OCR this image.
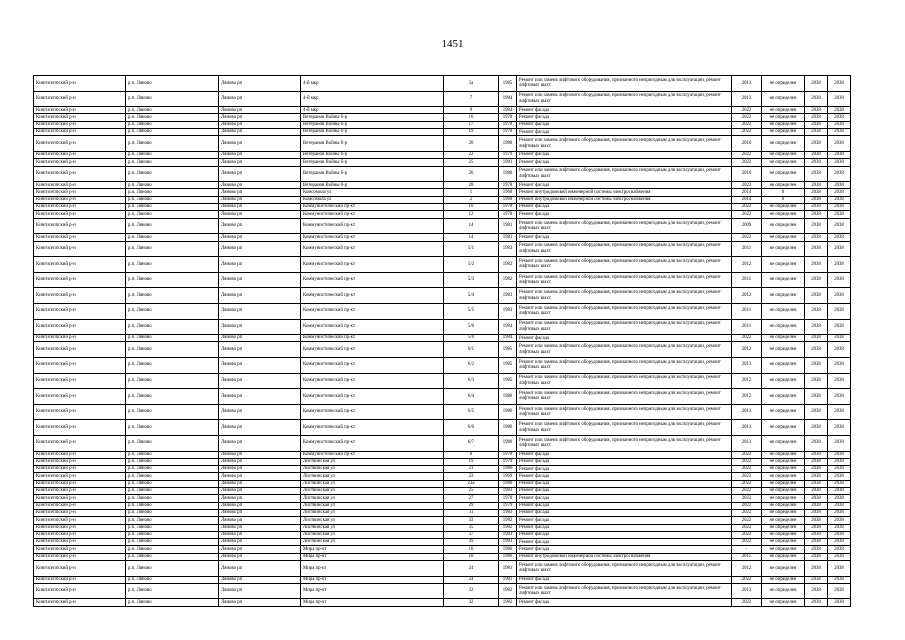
1451
Кингисеппский р-н	р.п. Ляново	Ляново рп	4-й мкр	5а	1985	Ремонт или замена лифтового оборудования, признанного непригодным для эксплуатации, ремонт лифтовых шахт	2013	не определен	2038	2038
Кингисеппский р-н	р.п. Ляново	Ляново рп	4-й мкр	7	1984	Ремонт или замена лифтового оборудования, признанного непригодным для эксплуатации, ремонт лифтовых шахт	2012	не определен	2038	2038
Кингисеппский р-н	р.п. Ляново	Ляново рп	4-й мкр	9	1984	Ремонт фасада	2022	не определен	2038	2038
Кингисеппский р-н	р.п. Ляново	Ляново рп	Ветеранов Войны б-р	16	1978	Ремонт фасада	2022	не определен	2038	2038
Кингисеппский р-н	р.п. Ляново	Ляново рп	Ветеранов Войны б-р	17	1978	Ремонт фасада	2022	не определен	2038	2038
Кингисеппский р-н	р.п. Ляново	Ляново рп	Ветеранов Войны б-р	19	1978	Ремонт фасада	2022	не определен	2038	2038
Кингисеппский р-н	р.п. Ляново	Ляново рп	Ветеранов Войны б-р	20	1980	Ремонт или замена лифтового оборудования, признанного непригодным для эксплуатации, ремонт лифтовых шахт	2010	не определен	2038	2038
Кингисеппский р-н	р.п. Ляново	Ляново рп	Ветеранов Войны б-р	22	1979	Ремонт фасада	2022	не определен	2038	2038
Кингисеппский р-н	р.п. Ляново	Ляново рп	Ветеранов Войны б-р	25	1981	Ремонт фасада	2022	не определен	2038	2038
Кингисеппский р-н	р.п. Ляново	Ляново рп	Ветеранов Войны б-р	26	1980	Ремонт или замена лифтового оборудования, признанного непригодным для эксплуатации, ремонт лифтовых шахт	2010	не определен	2038	2038
Кингисеппский р-н	р.п. Ляново	Ляново рп	Ветеранов Войны б-р	28	1978	Ремонт фасада	2022	не определен	2038	2038
Кингисеппский р-н	р.п. Ляново	Ляново рп	Комсомола ул	1	1968	Ремонт внутридомовой инженерной системы электроснабжения	2014	0	2038	2038
Кингисеппский р-н	р.п. Ляново	Ляново рп	Комсомола ул	2	1968	Ремонт внутридомовой инженерной системы электроснабжения	2014	0	2038	2038
Кингисеппский р-н	р.п. Ляново	Ляново рп	Коммунистический пр-кт	10	1978	Ремонт фасада	2022	не определен	2038	2038
Кингисеппский р-н	р.п. Ляново	Ляново рп	Коммунистический пр-кт	12	1978	Ремонт фасада	2022	не определен	2038	2038
Кингисеппский р-н	р.п. Ляново	Ляново рп	Коммунистический пр-кт	14	1981	Ремонт или замена лифтового оборудования, признанного непригодным для эксплуатации, ремонт лифтовых шахт	2009	не определен	2038	2038
Кингисеппский р-н	р.п. Ляново	Ляново рп	Коммунистический пр-кт	14	1981	Ремонт фасада	2022	не определен	2038	2038
Кингисеппский р-н	р.п. Ляново	Ляново рп	Коммунистический пр-кт	5/1	1983	Ремонт или замена лифтового оборудования, признанного непригодным для эксплуатации, ремонт лифтовых шахт	2011	не определен	2038	2038
Кингисеппский р-н	р.п. Ляново	Ляново рп	Коммунистический пр-кт	5/2	1982	Ремонт или замена лифтового оборудования, признанного непригодным для эксплуатации, ремонт лифтовых шахт	2012	не определен	2038	2038
Кингисеппский р-н	р.п. Ляново	Ляново рп	Коммунистический пр-кт	5/3	1982	Ремонт или замена лифтового оборудования, признанного непригодным для эксплуатации, ремонт лифтовых шахт	2011	не определен	2038	2038
Кингисеппский р-н	р.п. Ляново	Ляново рп	Коммунистический пр-кт	5/4	1983	Ремонт или замена лифтового оборудования, признанного непригодным для эксплуатации, ремонт лифтовых шахт	2012	не определен	2038	2038
Кингисеппский р-н	р.п. Ляново	Ляново рп	Коммунистический пр-кт	5/5	1983	Ремонт или замена лифтового оборудования, признанного непригодным для эксплуатации, ремонт лифтовых шахт	2011	не определен	2038	2038
Кингисеппский р-н	р.п. Ляново	Ляново рп	Коммунистический пр-кт	5/6	1984	Ремонт или замена лифтового оборудования, признанного непригодным для эксплуатации, ремонт лифтовых шахт	2011	не определен	2038	2038
Кингисеппский р-н	р.п. Ляново	Ляново рп	Коммунистический пр-кт	5/6	1984	Ремонт фасада	2022	не определен	2038	2038
Кингисеппский р-н	р.п. Ляново	Ляново рп	Коммунистический пр-кт	6/1	1985	Ремонт или замена лифтового оборудования, признанного непригодным для эксплуатации, ремонт лифтовых шахт	2012	не определен	2038	2038
Кингисеппский р-н	р.п. Ляново	Ляново рп	Коммунистический пр-кт	6/2	1985	Ремонт или замена лифтового оборудования, признанного непригодным для эксплуатации, ремонт лифтовых шахт	2013	не определен	2038	2038
Кингисеппский р-н	р.п. Ляново	Ляново рп	Коммунистический пр-кт	6/3	1985	Ремонт или замена лифтового оборудования, признанного непригодным для эксплуатации, ремонт лифтовых шахт	2012	не определен	2038	2038
Кингисеппский р-н	р.п. Ляново	Ляново рп	Коммунистический пр-кт	6/4	1986	Ремонт или замена лифтового оборудования, признанного непригодным для эксплуатации, ремонт лифтовых шахт	2012	не определен	2038	2038
Кингисеппский р-н	р.п. Ляново	Ляново рп	Коммунистический пр-кт	6/5	1986	Ремонт или замена лифтового оборудования, признанного непригодным для эксплуатации, ремонт лифтовых шахт	2013	не определен	2038	2038
Кингисеппский р-н	р.п. Ляново	Ляново рп	Коммунистический пр-кт	6/6	1986	Ремонт или замена лифтового оборудования, признанного непригодным для эксплуатации, ремонт лифтовых шахт	2013	не определен	2038	2038
Кингисеппский р-н	р.п. Ляново	Ляново рп	Коммунистический пр-кт	6/7	1986	Ремонт или замена лифтового оборудования, признанного непригодным для эксплуатации, ремонт лифтовых шахт	2013	не определен	2038	2038
Кингисеппский р-н	р.п. Ляново	Ляново рп	Коммунистический пр-кт	8	1978	Ремонт фасада	2022	не определен	2038	2038
Кингисеппский р-н	р.п. Ляново	Ляново рп	Листвинская ул	19	1979	Ремонт фасада	2022	не определен	2038	2038
Кингисеппский р-н	р.п. Ляново	Ляново рп	Листвинская ул	21	1986	Ремонт фасада	2022	не определен	2038	2038
Кингисеппский р-н	р.п. Ляново	Ляново рп	Листвинская ул	23	1969	Ремонт фасада	2022	не определен	2038	2038
Кингисеппский р-н	р.п. Ляново	Ляново рп	Листвинская ул	23а	1980	Ремонт фасада	2022	не определен	2038	2038
Кингисеппский р-н	р.п. Ляново	Ляново рп	Листвинская ул	25	1983	Ремонт фасада	2022	не определен	2038	2038
Кингисеппский р-н	р.п. Ляново	Ляново рп	Листвинская ул	27	1978	Ремонт фасада	2022	не определен	2038	2038
Кингисеппский р-н	р.п. Ляново	Ляново рп	Листвинская ул	29	1979	Ремонт фасада	2022	не определен	2038	2038
Кингисеппский р-н	р.п. Ляново	Ляново рп	Листвинская ул	31	1983	Ремонт фасада	2022	не определен	2038	2038
Кингисеппский р-н	р.п. Ляново	Ляново рп	Листвинская ул	33	1982	Ремонт фасада	2022	не определен	2038	2038
Кингисеппский р-н	р.п. Ляново	Ляново рп	Листвинская ул	35	1982	Ремонт фасада	2022	не определен	2038	2038
Кингисеппский р-н	р.п. Ляново	Ляново рп	Листвинская ул	37	1983	Ремонт фасада	2022	не определен	2038	2038
Кингисеппский р-н	р.п. Ляново	Ляново рп	Листвинская ул	39	1983	Ремонт фасада	2022	не определен	2038	2038
Кингисеппский р-н	р.п. Ляново	Ляново рп	Мира пр-кт	10	1986	Ремонт фасада	-	не определен	2038	2038
Кингисеппский р-н	р.п. Ляново	Ляново рп	Мира пр-кт	10	1986	Ремонт внутридомовой инженерной системы электроснабжения	2015	не определен	2038	2038
Кингисеппский р-н	р.п. Ляново	Ляново рп	Мира пр-кт	24	1981	Ремонт или замена лифтового оборудования, признанного непригодным для эксплуатации, ремонт лифтовых шахт	2012	не определен	2038	2038
Кингисеппский р-н	р.п. Ляново	Ляново рп	Мира пр-кт	24	1981	Ремонт фасада	2022	не определен	2038	2038
Кингисеппский р-н	р.п. Ляново	Ляново рп	Мира пр-кт	32	1982	Ремонт или замена лифтового оборудования, признанного непригодным для эксплуатации, ремонт лифтовых шахт	2013	не определен	2038	2038
Кингисеппский р-н	р.п. Ляново	Ляново рп	Мира пр-кт	32	1982	Ремонт фасада	2022	не определен	2038	2038
